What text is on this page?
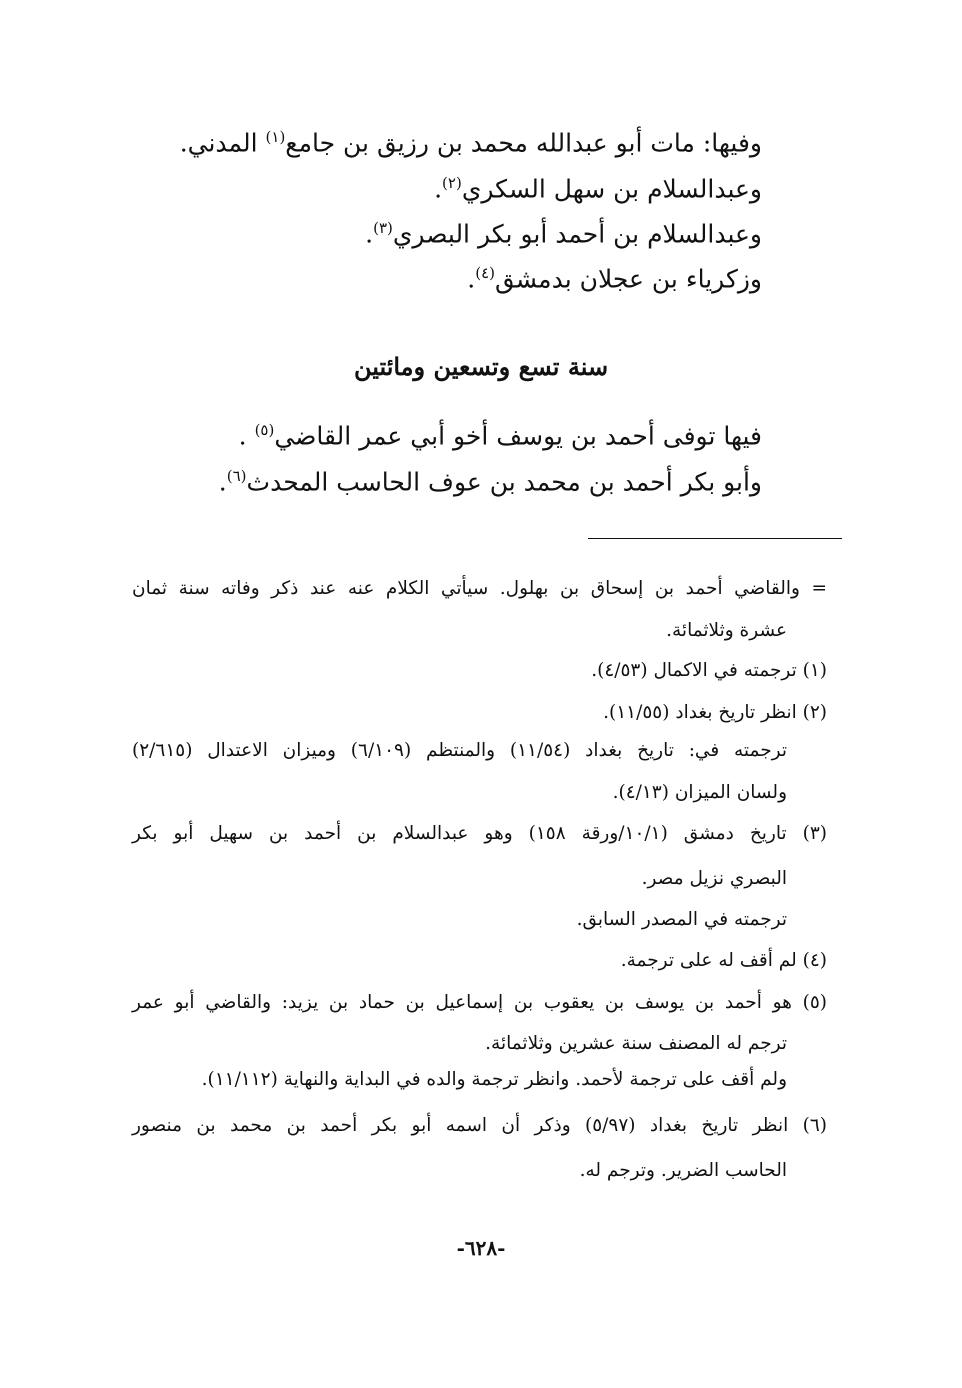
وفيها: مات أبو عبدالله محمد بن رزيق بن جامع$^{(١)}$ المدني.
وعبدالسلام بن سهل السكري$^{(٢)}$.
وعبدالسلام بن أحمد أبو بكر البصري$^{(٣)}$.
وزكرياء بن عجلان بدمشق$^{(٤)}$.
سنة تسع وتسعين ومائتين
فيها توفى أحمد بن يوسف أخو أبي عمر القاضي$^{(٥)}$ .
وأبو بكر أحمد بن محمد بن عوف الحاسب المحدث$^{(٦)}$.
= والقاضي أحمد بن إسحاق بن بهلول. سيأتي الكلام عنه عند ذكر وفاته سنة ثمان
عشرة وثلاثمائة.
(١) ترجمته في الاكمال (٤/٥٣).
(٢) انظر تاريخ بغداد (١١/٥٥).
ترجمته في: تاريخ بغداد (١١/٥٤) والمنتظم (٦/١٠٩) وميزان الاعتدال (٢/٦١٥)
ولسان الميزان (٤/١٣).
(٣) تاريخ دمشق (١٠/١/ورقة ١٥٨) وهو عبدالسلام بن أحمد بن سهيل أبو بكر
البصري نزيل مصر.
ترجمته في المصدر السابق.
(٤) لم أقف له على ترجمة.
(٥) هو أحمد بن يوسف بن يعقوب بن إسماعيل بن حماد بن يزيد: والقاضي أبو عمر
ترجم له المصنف سنة عشرين وثلاثمائة.
ولم أقف على ترجمة لأحمد. وانظر ترجمة والده في البداية والنهاية (١١/١١٢).
(٦) انظر تاريخ بغداد (٥/٩٧) وذكر أن اسمه أبو بكر أحمد بن محمد بن منصور
الحاسب الضرير. وترجم له.
-٦٢٨-
